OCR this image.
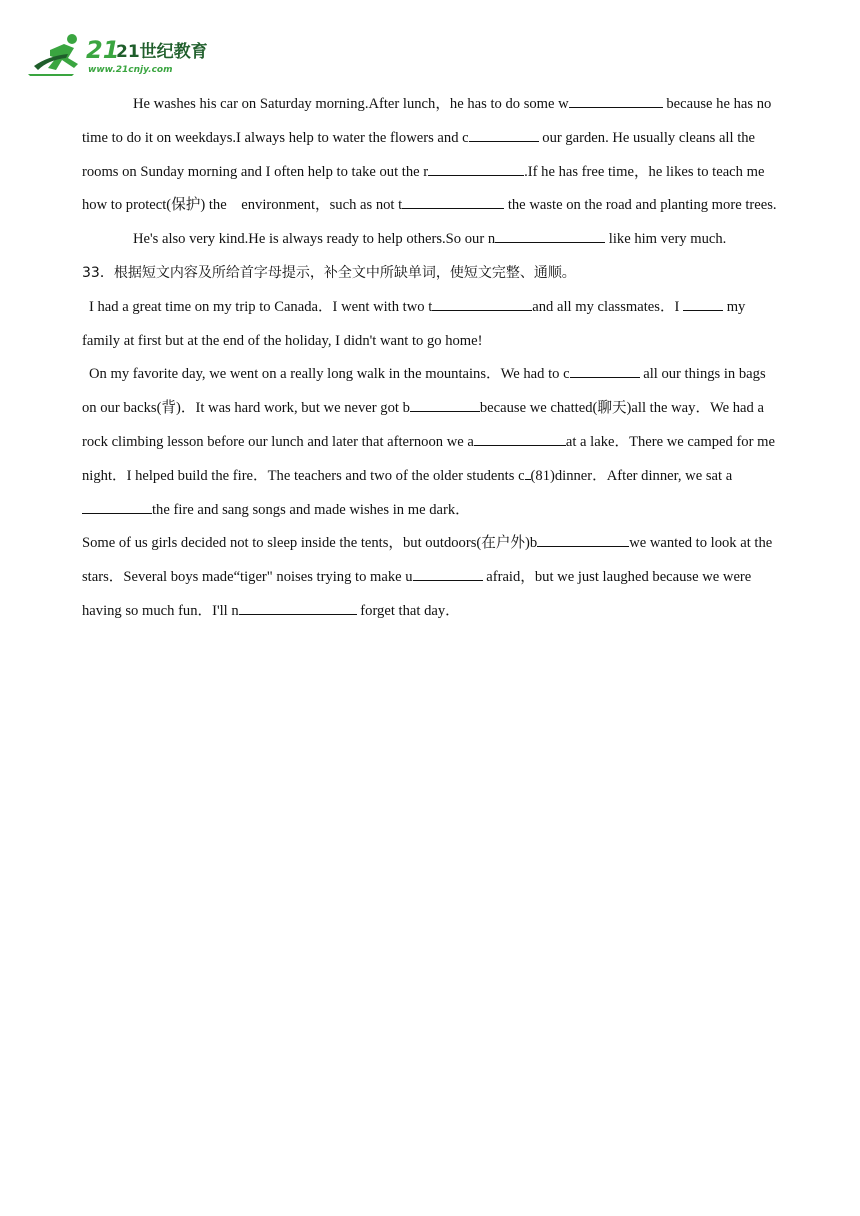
21
21世纪教育
www.21cnjy.com

He washes his car on Saturday morning.After lunch，he has to do some w	because he has no　time to do it on weekdays.I always help to water the flowers and c	our garden. He usually cleans all the rooms on Sunday morning and I often help to take out the r	.If he has free time，he likes to teach me how to protect(保护) the　environment，such as not t	the waste on the road and planting more trees.

He's also very kind.He is always ready to help others.So our n	like him very much.

33．根据短文内容及所给首字母提示，补全文中所缺单词，使短文完整、通顺。

I had a great time on my trip to Canada．I went with two t	and all my classmates．I	my family at first but at the end of the holiday, I didn't want to go home!

On my favorite day, we went on a really long walk in the mountains．We had to c	all our things in bags on our backs(背)．It was hard work, but we never got b	because we chatted(聊天)all the way．We had a rock climbing lesson before our lunch and later that afternoon we a	at a lake．There we camped for me night．I helped build the fire．The teachers and two of the older students c (81)dinner．After dinner, we sat athe fire and sang songs and made wishes in me dark．

Some of us girls decided not to sleep inside the tents，but outdoors(在户外)b	we wanted to look at the stars．Several boys made“tiger" noises trying to make u	afraid，but we just laughed because we were having so much fun．I'll n	forget that day．
